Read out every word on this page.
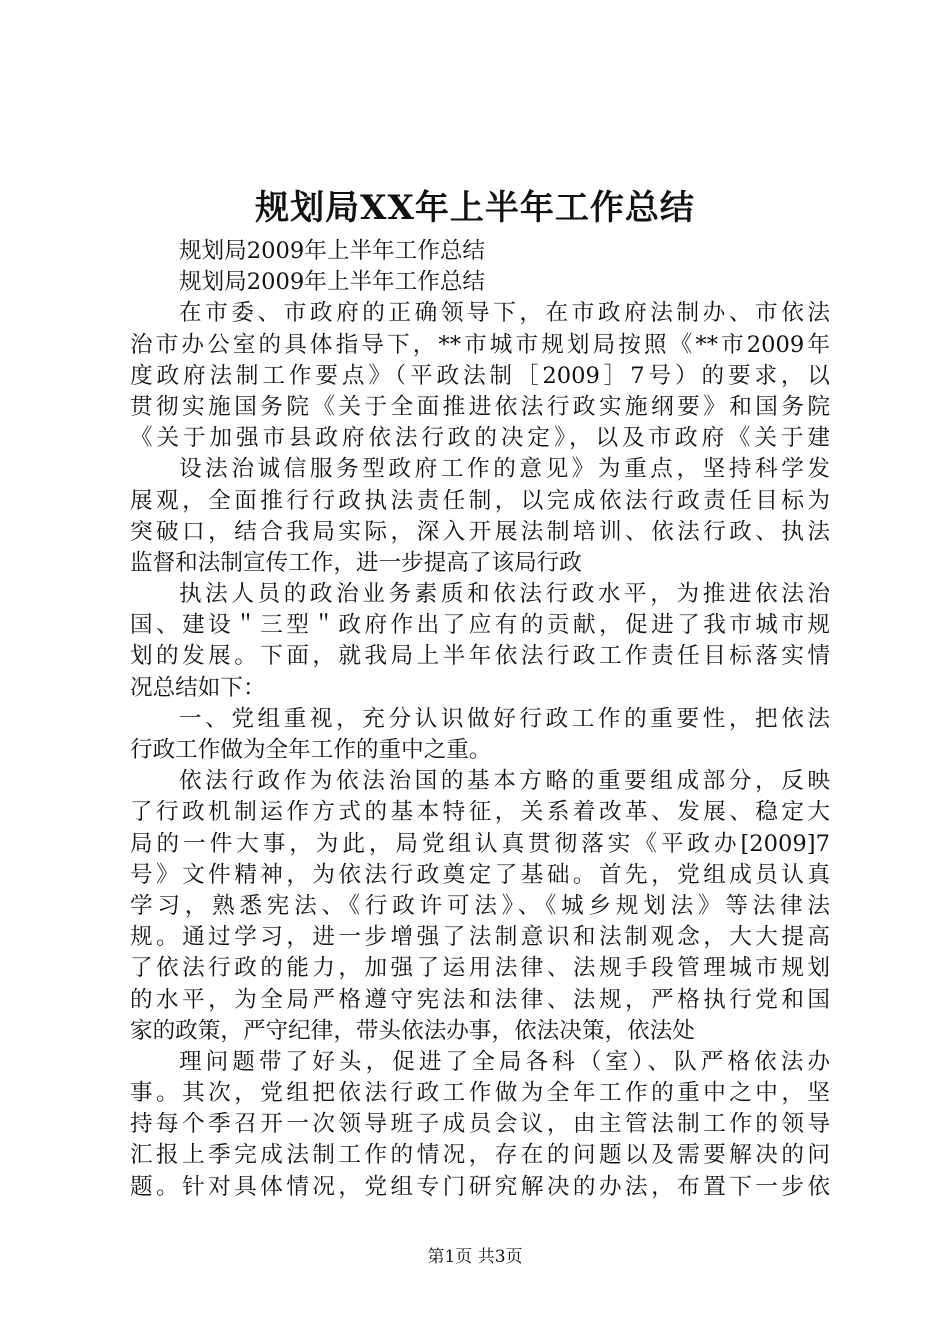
规划局XX年上半年工作总结
规划局2009年上半年工作总结
规划局2009年上半年工作总结
在市委、市政府的正确领导下，在市政府法制办、市依法
治市办公室的具体指导下，**市城市规划局按照《**市2009年
度政府法制工作要点》（平政法制［2009］7号）的要求，以
贯彻实施国务院《关于全面推进依法行政实施纲要》和国务院
《关于加强市县政府依法行政的决定》，以及市政府《关于建
设法治诚信服务型政府工作的意见》为重点，坚持科学发
展观，全面推行行政执法责任制，以完成依法行政责任目标为
突破口，结合我局实际，深入开展法制培训、依法行政、执法
监督和法制宣传工作，进一步提高了该局行政
执法人员的政治业务素质和依法行政水平，为推进依法治
国、建设＂三型＂政府作出了应有的贡献，促进了我市城市规
划的发展。下面，就我局上半年依法行政工作责任目标落实情
况总结如下：
一、党组重视，充分认识做好行政工作的重要性，把依法
行政工作做为全年工作的重中之重。
依法行政作为依法治国的基本方略的重要组成部分，反映
了行政机制运作方式的基本特征，关系着改革、发展、稳定大
局的一件大事，为此，局党组认真贯彻落实《平政办[2009]7
号》文件精神，为依法行政奠定了基础。首先，党组成员认真
学习，熟悉宪法、《行政许可法》、《城乡规划法》等法律法
规。通过学习，进一步增强了法制意识和法制观念，大大提高
了依法行政的能力，加强了运用法律、法规手段管理城市规划
的水平，为全局严格遵守宪法和法律、法规，严格执行党和国
家的政策，严守纪律，带头依法办事，依法决策，依法处
理问题带了好头，促进了全局各科（室）、队严格依法办
事。其次，党组把依法行政工作做为全年工作的重中之中，坚
持每个季召开一次领导班子成员会议，由主管法制工作的领导
汇报上季完成法制工作的情况，存在的问题以及需要解决的问
题。针对具体情况，党组专门研究解决的办法，布置下一步依
第1页 共3页
